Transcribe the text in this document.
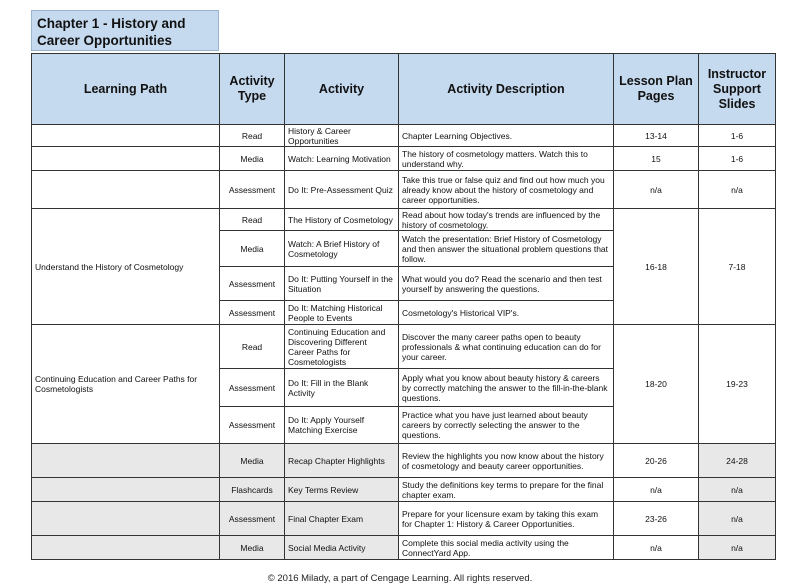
Chapter 1 - History and Career Opportunities
Learning Path	Activity Type	Activity	Activity Description	Lesson Plan Pages	Instructor Support Slides
	Read	History & Career Opportunities	Chapter Learning Objectives.	13-14	1-6
	Media	Watch: Learning Motivation	The history of cosmetology matters. Watch this to understand why.	15	1-6
	Assessment	Do It: Pre-Assessment Quiz	Take this true or false quiz and find out how much you already know about the history of cosmetology and career opportunities.	n/a	n/a
Understand the History of Cosmetology	Read	The History of Cosmetology	Read about how today's trends are influenced by the history of cosmetology.	16-18	7-18
	Media	Watch: A Brief History of Cosmetology	Watch the presentation: Brief History of Cosmetology and then answer the situational problem questions that follow.		
	Assessment	Do It: Putting Yourself in the Situation	What would you do? Read the scenario and then test yourself by answering the questions.		
	Assessment	Do It: Matching Historical People to Events	Cosmetology's Historical VIP's.		
Continuing Education and Career Paths for Cosmetologists	Read	Continuing Education and Discovering Different Career Paths for Cosmetologists	Discover the many career paths open to beauty professionals & what continuing education can do for your career.	18-20	19-23
	Assessment	Do It: Fill in the Blank Activity	Apply what you know about beauty history & careers by correctly matching the answer to the fill-in-the-blank questions.		
	Assessment	Do It: Apply Yourself Matching Exercise	Practice what you have just learned about beauty careers by correctly selecting the answer to the questions.		
	Media	Recap Chapter Highlights	Review the highlights you now know about the history of cosmetology and beauty career opportunities.	20-26	24-28
	Flashcards	Key Terms Review	Study the definitions key terms to prepare for the final chapter exam.	n/a	n/a
	Assessment	Final Chapter Exam	Prepare for your licensure exam by taking this exam for Chapter 1: History & Career Opportunities.	23-26	n/a
	Media	Social Media Activity	Complete this social media activity using the ConnectYard App.	n/a	n/a
© 2016 Milady, a part of Cengage Learning. All rights reserved.
